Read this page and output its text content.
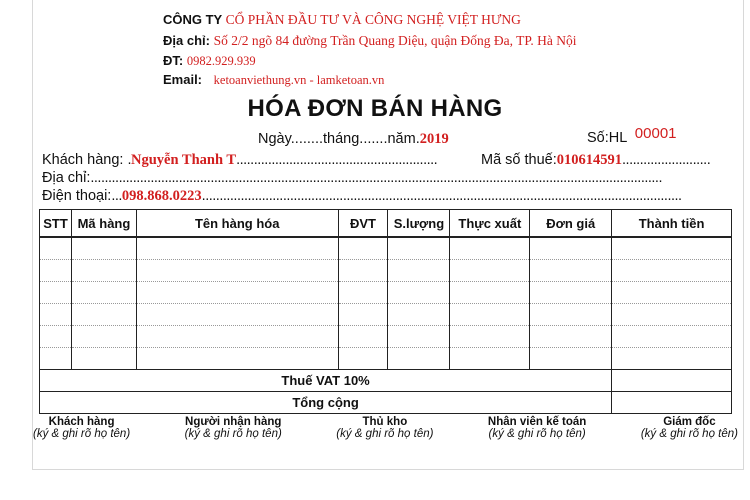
CÔNG TY CỔ PHẦN ĐẦU TƯ VÀ CÔNG NGHỆ VIỆT HƯNG
Địa chỉ: Số 2/2 ngõ 84 đường Trần Quang Diệu, quận Đống Đa, TP. Hà Nội
ĐT: 0982.929.939
Email: ketoanviethung.vn - lamketoan.vn
HÓA ĐƠN BÁN HÀNG
Ngày........tháng.......năm.2019	Số:HL 00001
Khách hàng: .Nguyễn Thanh T.........................................................	Mã số thuế:010614591.........................
Địa chỉ:..................................................................................................................................................................
Điện thoại:...098.868.0223........................................................................................................................................
STT	Mã hàng	Tên hàng hóa	ĐVT	S.lượng	Thực xuất	Đơn giá	Thành tiền

Thuế VAT 10%							
Tổng cộng							
Khách hàng
(ký & ghi rõ họ tên)
Người nhận hàng
(ký & ghi rõ họ tên)
Thủ kho
(ký & ghi rõ họ tên)
Nhân viên kế toán
(ký & ghi rõ họ tên)
Giám đốc
(ký & ghi rõ họ tên)
